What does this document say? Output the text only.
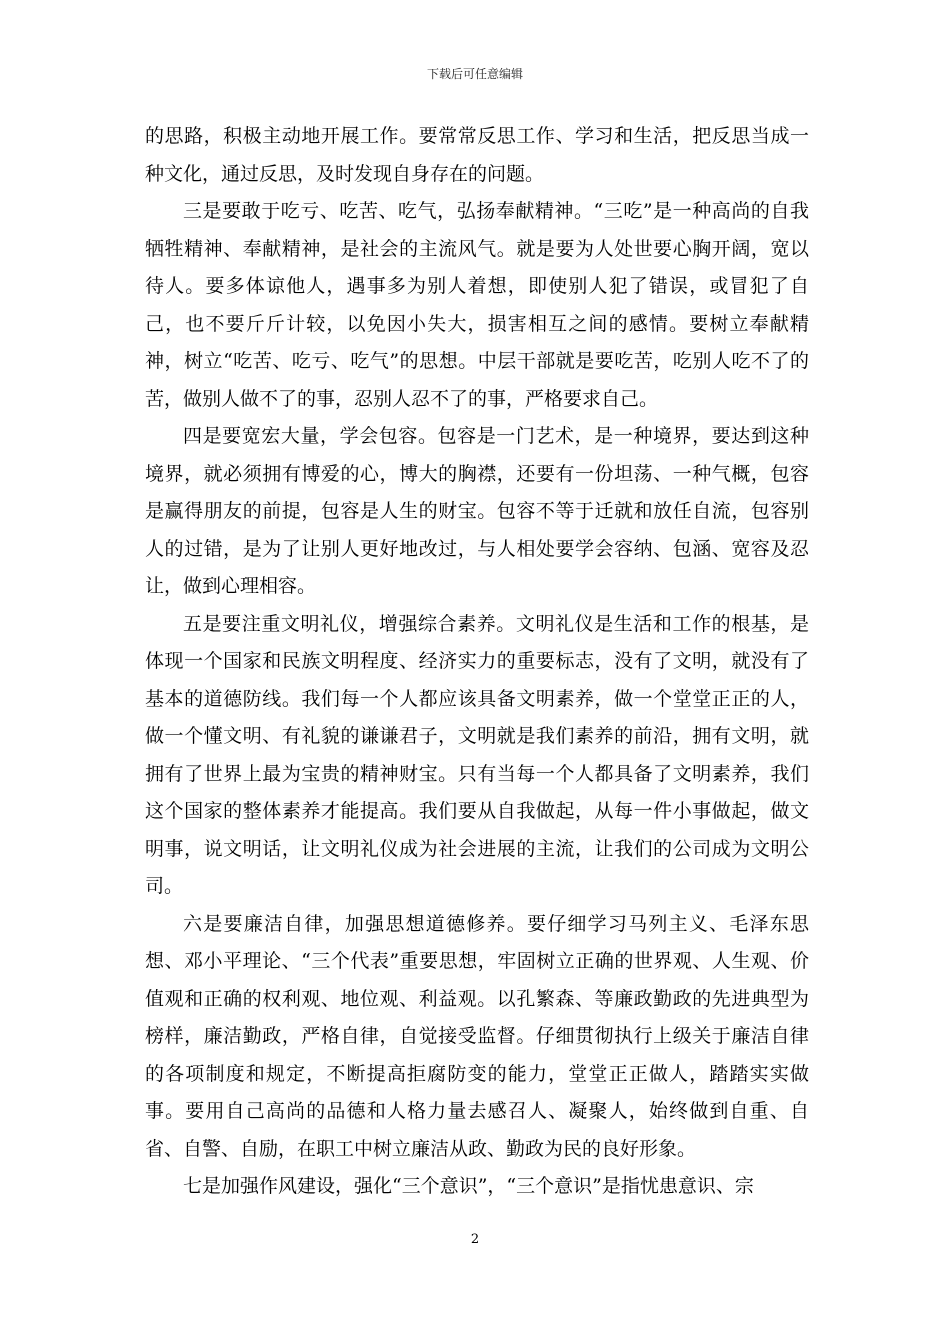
下载后可任意编辑

的思路，积极主动地开展工作。要常常反思工作、学习和生活，把反思当成一种文化，通过反思，及时发现自身存在的问题。

三是要敢于吃亏、吃苦、吃气，弘扬奉献精神。“三吃”是一种高尚的自我牺牲精神、奉献精神，是社会的主流风气。就是要为人处世要心胸开阔，宽以待人。要多体谅他人，遇事多为别人着想，即使别人犯了错误，或冒犯了自己，也不要斤斤计较，以免因小失大，损害相互之间的感情。要树立奉献精神，树立“吃苦、吃亏、吃气”的思想。中层干部就是要吃苦，吃别人吃不了的苦，做别人做不了的事，忍别人忍不了的事，严格要求自己。

四是要宽宏大量，学会包容。包容是一门艺术，是一种境界，要达到这种境界，就必须拥有博爱的心，博大的胸襟，还要有一份坦荡、一种气概，包容是赢得朋友的前提，包容是人生的财宝。包容不等于迁就和放任自流，包容别人的过错，是为了让别人更好地改过，与人相处要学会容纳、包涵、宽容及忍让，做到心理相容。

五是要注重文明礼仪，增强综合素养。文明礼仪是生活和工作的根基，是体现一个国家和民族文明程度、经济实力的重要标志，没有了文明，就没有了基本的道德防线。我们每一个人都应该具备文明素养，做一个堂堂正正的人，做一个懂文明、有礼貌的谦谦君子，文明就是我们素养的前沿，拥有文明，就拥有了世界上最为宝贵的精神财宝。只有当每一个人都具备了文明素养，我们这个国家的整体素养才能提高。我们要从自我做起，从每一件小事做起，做文明事，说文明话，让文明礼仪成为社会进展的主流，让我们的公司成为文明公司。

六是要廉洁自律，加强思想道德修养。要仔细学习马列主义、毛泽东思想、邓小平理论、“三个代表”重要思想，牢固树立正确的世界观、人生观、价值观和正确的权利观、地位观、利益观。以孔繁森、等廉政勤政的先进典型为榜样，廉洁勤政，严格自律，自觉接受监督。仔细贯彻执行上级关于廉洁自律的各项制度和规定，不断提高拒腐防变的能力，堂堂正正做人，踏踏实实做事。要用自己高尚的品德和人格力量去感召人、凝聚人，始终做到自重、自省、自警、自励，在职工中树立廉洁从政、勤政为民的良好形象。

七是加强作风建设，强化“三个意识”，“三个意识”是指忧患意识、宗

2
